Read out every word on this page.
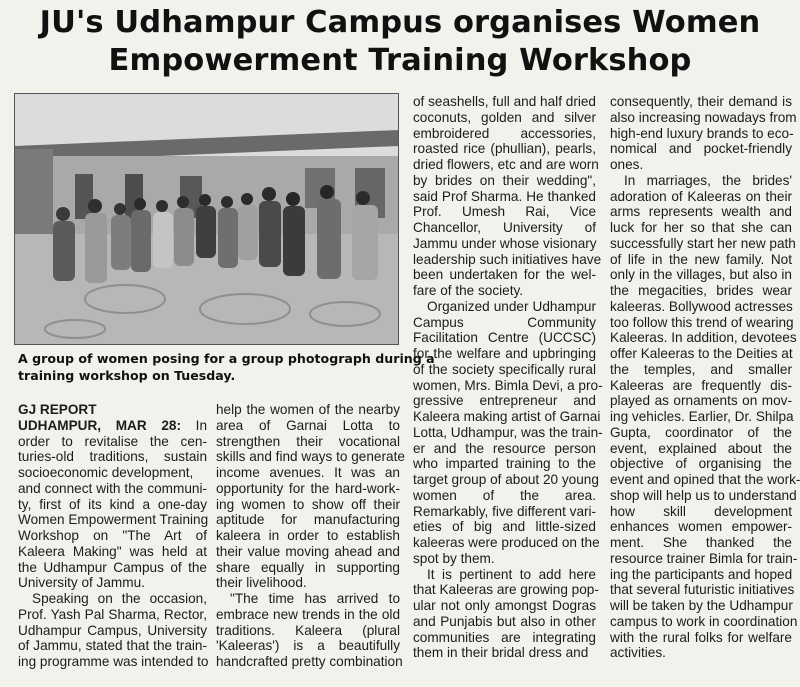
JU's Udhampur Campus organises Women
Empowerment Training Workshop
A group of women posing for a group photograph during a
training workshop on Tuesday.
GJ REPORT
UDHAMPUR, MAR 28: In
order to revitalise the cen-
turies-old traditions, sustain
socioeconomic development,
and connect with the communi-
ty, first of its kind a one-day
Women Empowerment Training
Workshop on "The Art of
Kaleera Making" was held at
the Udhampur Campus of the
University of Jammu.
Speaking on the occasion,
Prof. Yash Pal Sharma, Rector,
Udhampur Campus, University
of Jammu, stated that the train-
ing programme was intended to
help the women of the nearby
area of Garnai Lotta to
strengthen their vocational
skills and find ways to generate
income avenues. It was an
opportunity for the hard-work-
ing women to show off their
aptitude for manufacturing
kaleera in order to establish
their value moving ahead and
share equally in supporting
their livelihood.
"The time has arrived to
embrace new trends in the old
traditions. Kaleera (plural
'Kaleeras') is a beautifully
handcrafted pretty combination
of seashells, full and half dried
coconuts, golden and silver
embroidered accessories,
roasted rice (phullian), pearls,
dried flowers, etc and are worn
by brides on their wedding",
said Prof Sharma. He thanked
Prof. Umesh Rai, Vice
Chancellor, University of
Jammu under whose visionary
leadership such initiatives have
been undertaken for the wel-
fare of the society.
Organized under Udhampur
Campus Community
Facilitation Centre (UCCSC)
for the welfare and upbringing
of the society specifically rural
women, Mrs. Bimla Devi, a pro-
gressive entrepreneur and
Kaleera making artist of Garnai
Lotta, Udhampur, was the train-
er and the resource person
who imparted training to the
target group of about 20 young
women of the area.
Remarkably, five different vari-
eties of big and little-sized
kaleeras were produced on the
spot by them.
It is pertinent to add here
that Kaleeras are growing pop-
ular not only amongst Dogras
and Punjabis but also in other
communities are integrating
them in their bridal dress and
consequently, their demand is
also increasing nowadays from
high-end luxury brands to eco-
nomical and pocket-friendly
ones.
In marriages, the brides'
adoration of Kaleeras on their
arms represents wealth and
luck for her so that she can
successfully start her new path
of life in the new family. Not
only in the villages, but also in
the megacities, brides wear
kaleeras. Bollywood actresses
too follow this trend of wearing
Kaleeras. In addition, devotees
offer Kaleeras to the Deities at
the temples, and smaller
Kaleeras are frequently dis-
played as ornaments on mov-
ing vehicles. Earlier, Dr. Shilpa
Gupta, coordinator of the
event, explained about the
objective of organising the
event and opined that the work-
shop will help us to understand
how skill development
enhances women empower-
ment. She thanked the
resource trainer Bimla for train-
ing the participants and hoped
that several futuristic initiatives
will be taken by the Udhampur
campus to work in coordination
with the rural folks for welfare
activities.
